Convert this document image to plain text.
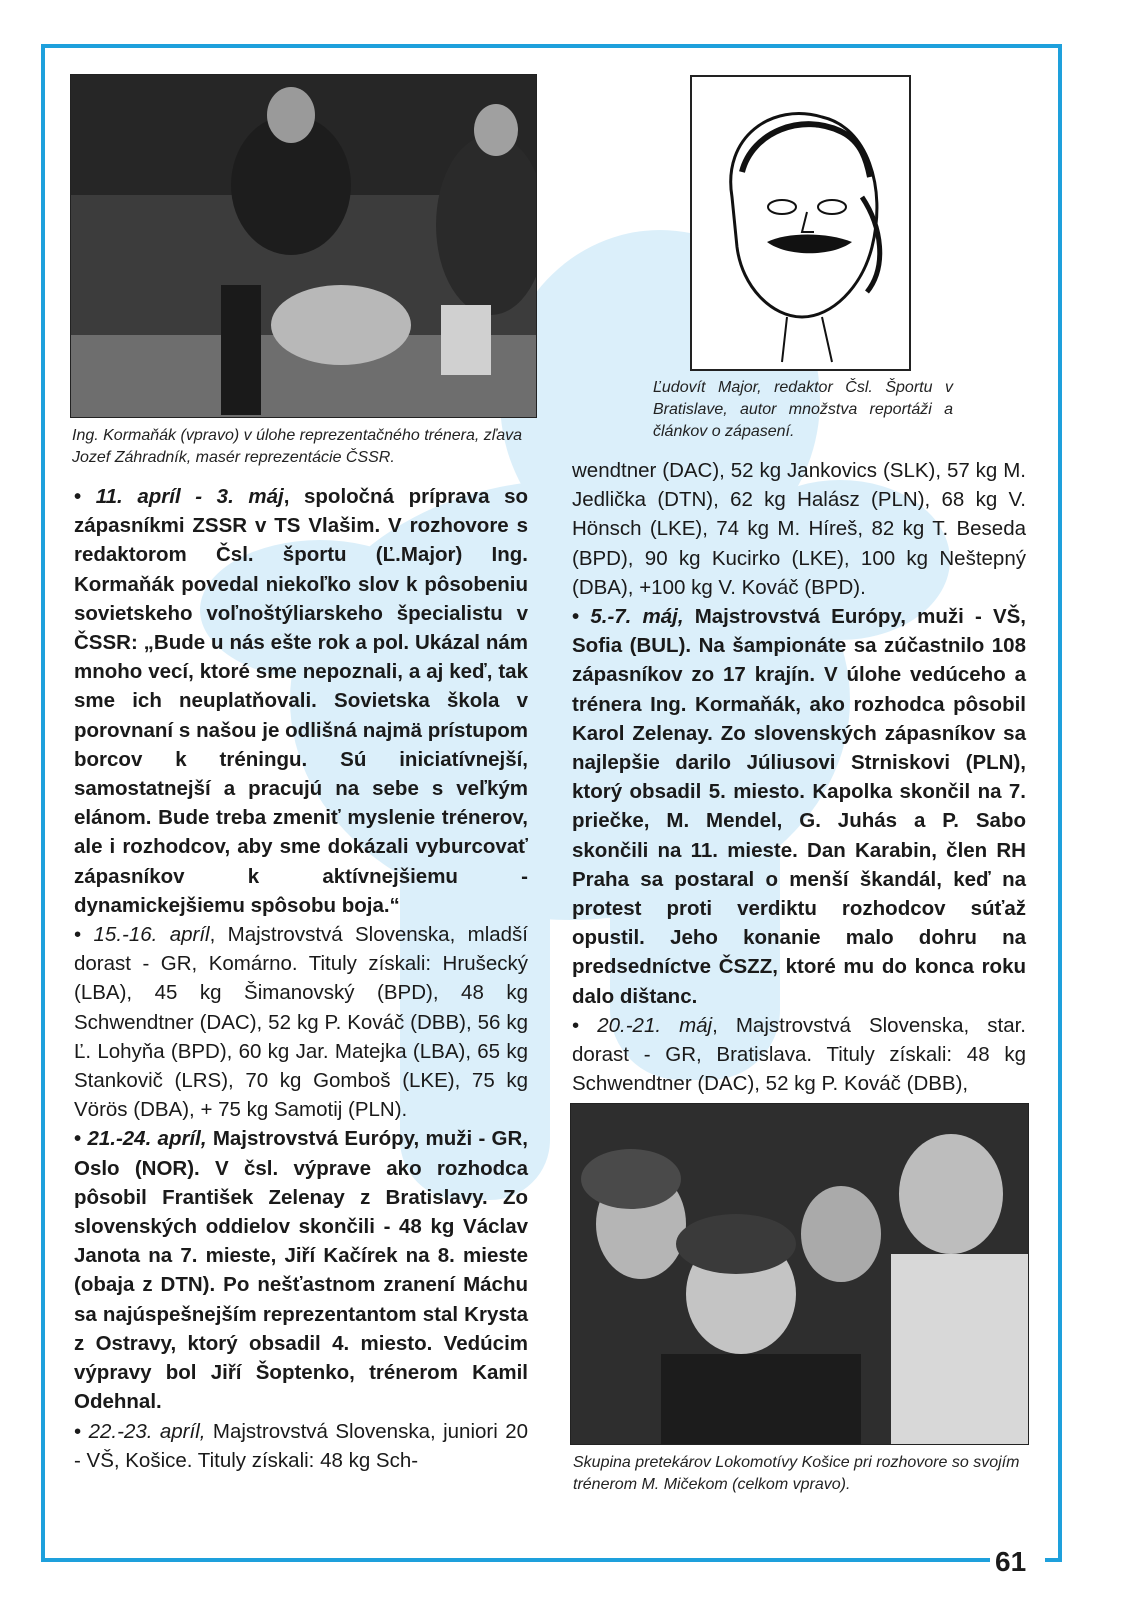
61
Ing. Kormaňák (vpravo) v úlohe reprezentačného trénera, zľava Jozef Záhradník, masér reprezentácie ČSSR.
Ľudovít Major, redaktor Čsl. Športu v Bratislave, autor množstva reportáži a článkov o zápasení.
Skupina pretekárov Lokomotívy Košice pri rozhovore so svojím trénerom M. Mičekom (celkom vpravo).

• 11. apríl - 3. máj, spoločná príprava so zápasníkmi ZSSR v TS Vlašim. V rozhovore s redaktorom Čsl. športu (Ľ.Major) Ing. Kormaňák povedal niekoľko slov k pôsobeniu sovietskeho voľnoštýliarskeho špecialistu v ČSSR: „Bude u nás ešte rok a pol. Ukázal nám mnoho vecí, ktoré sme nepoznali, a aj keď, tak sme ich neuplatňovali. Sovietska škola v porovnaní s našou je odlišná najmä prístupom borcov k tréningu. Sú iniciatívnejší, samostatnejší a pracujú na sebe s veľkým elánom. Bude treba zmeniť myslenie trénerov, ale i rozhodcov, aby sme dokázali vyburcovať zápasníkov k aktívnejšiemu - dynamickejšiemu spôsobu boja.“

• 15.-16. apríl, Majstrovstvá Slovenska, mladší dorast - GR, Komárno. Tituly získali: Hrušecký (LBA), 45 kg Šimanovský (BPD), 48 kg Schwendtner (DAC), 52 kg P. Kováč (DBB), 56 kg Ľ. Lohyňa (BPD), 60 kg Jar. Matejka (LBA), 65 kg Stankovič (LRS), 70 kg Gomboš (LKE), 75 kg Vörös (DBA), + 75 kg Samotij (PLN).

• 21.-24. apríl, Majstrovstvá Európy, muži - GR, Oslo (NOR). V čsl. výprave ako rozhodca pôsobil František Zelenay z Bratislavy. Zo slovenských oddielov skončili - 48 kg Václav Janota na 7. mieste, Jiří Kačírek na 8. mieste (obaja z DTN). Po nešťastnom zranení Máchu sa najúspešnejším reprezentantom stal Krysta z Ostravy, ktorý obsadil 4. miesto. Vedúcim výpravy bol Jiří Šoptenko, trénerom Kamil Odehnal.

• 22.-23. apríl, Majstrovstvá Slovenska, juniori 20 - VŠ, Košice. Tituly získali: 48 kg Sch-

wendtner (DAC), 52 kg Jankovics (SLK), 57 kg M. Jedlička (DTN), 62 kg Halász (PLN), 68 kg V. Hönsch (LKE), 74 kg M. Híreš, 82 kg T. Beseda (BPD), 90 kg Kucirko (LKE), 100 kg Neštepný (DBA), +100 kg V. Kováč (BPD).

• 5.-7. máj, Majstrovstvá Európy, muži - VŠ, Sofia (BUL). Na šampionáte sa zúčastnilo 108 zápasníkov zo 17 krajín. V úlohe vedúceho a trénera Ing. Kormaňák, ako rozhodca pôsobil Karol Zelenay. Zo slovenských zápasníkov sa najlepšie darilo Júliusovi Strniskovi (PLN), ktorý obsadil 5. miesto. Kapolka skončil na 7. priečke, M. Mendel, G. Juhás a P. Sabo skončili na 11. mieste. Dan Karabin, člen RH Praha sa postaral o menší škandál, keď na protest proti verdiktu rozhodcov súťaž opustil. Jeho konanie malo dohru na predsedníctve ČSZZ, ktoré mu do konca roku dalo dištanc.

• 20.-21. máj, Majstrovstvá Slovenska, star. dorast - GR, Bratislava. Tituly získali: 48 kg Schwendtner (DAC), 52 kg P. Kováč (DBB),
